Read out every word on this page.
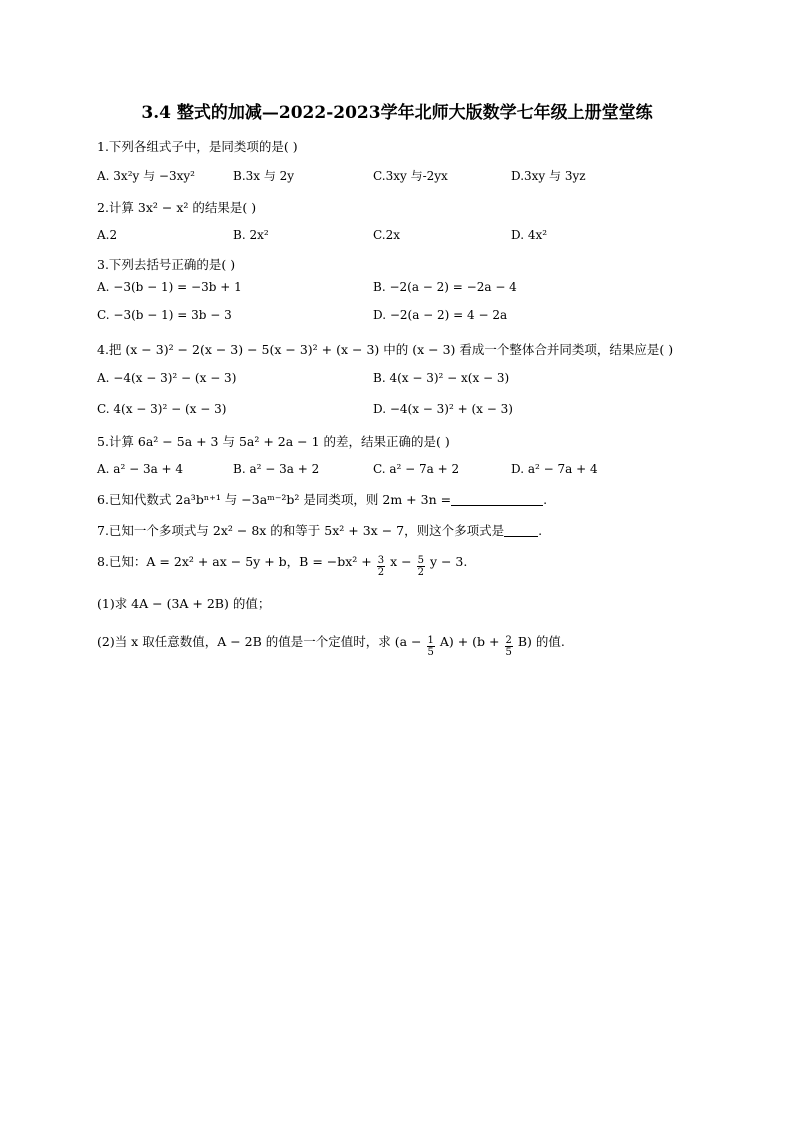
3.4 整式的加减—2022-2023学年北师大版数学七年级上册堂堂练
1.下列各组式子中，是同类项的是( )
A. 3x²y 与 −3xy²	B.3x 与 2y	C.3xy 与-2yx	D.3xy 与 3yz
2.计算 3x² − x² 的结果是( )
A.2	B. 2x²	C.2x	D. 4x²
3.下列去括号正确的是( )
A. −3(b − 1) = −3b + 1	B. −2(a − 2) = −2a − 4
C. −3(b − 1) = 3b − 3	D. −2(a − 2) = 4 − 2a
4.把 (x − 3)² − 2(x − 3) − 5(x − 3)² + (x − 3) 中的 (x − 3) 看成一个整体合并同类项，结果应是( )
A. −4(x − 3)² − (x − 3)	B. 4(x − 3)² − x(x − 3)
C. 4(x − 3)² − (x − 3)	D. −4(x − 3)² + (x − 3)
5.计算 6a² − 5a + 3 与 5a² + 2a − 1 的差，结果正确的是( )
A. a² − 3a + 4	B. a² − 3a + 2	C. a² − 7a + 2	D. a² − 7a + 4
6.已知代数式 2a³bⁿ⁺¹ 与 −3aᵐ⁻²b² 是同类项，则 2m + 3n =	.
7.已知一个多项式与 2x² − 8x 的和等于 5x² + 3x − 7，则这个多项式是	.
8.已知：A = 2x² + ax − 5y + b，$B = -bx^2 + \frac{3}{2}$ $x - \frac{5}{2}$ y − 3.
(1)求 4A − (3A + 2B) 的值；
(2)当 x 取任意数值，A − 2B 的值是一个定值时，求 $(a - \frac{1}{5} A) + (b + \frac{2}{5} B)$ 的值.
